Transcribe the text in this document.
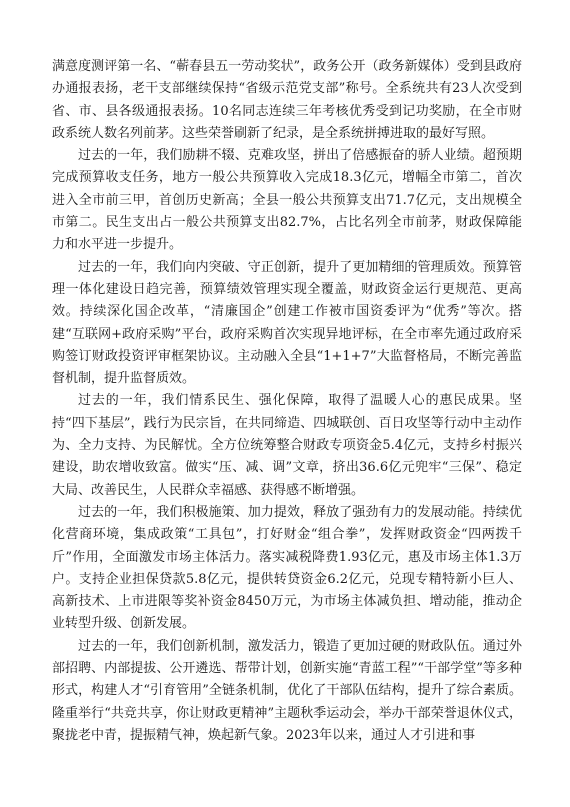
满意度测评第一名、“蕲春县五一劳动奖状”，政务公开（政务新媒体）受到县政府办通报表扬，老干支部继续保持“省级示范党支部”称号。全系统共有23人次受到省、市、县各级通报表扬。10名同志连续三年考核优秀受到记功奖励，在全市财政系统人数名列前茅。这些荣誉刷新了纪录，是全系统拼搏进取的最好写照。

过去的一年，我们励耕不辍、克难攻坚，拼出了倍感振奋的骄人业绩。超预期完成预算收支任务，地方一般公共预算收入完成18.3亿元，增幅全市第二，首次进入全市前三甲，首创历史新高；全县一般公共预算支出71.7亿元，支出规模全市第二。民生支出占一般公共预算支出82.7%，占比名列全市前茅，财政保障能力和水平进一步提升。

过去的一年，我们向内突破、守正创新，提升了更加精细的管理质效。预算管理一体化建设日趋完善，预算绩效管理实现全覆盖，财政资金运行更规范、更高效。持续深化国企改革，“清廉国企”创建工作被市国资委评为“优秀”等次。搭建“互联网+政府采购”平台，政府采购首次实现异地评标，在全市率先通过政府采购签订财政投资评审框架协议。主动融入全县“1+1+7”大监督格局，不断完善监督机制，提升监督质效。

过去的一年，我们情系民生、强化保障，取得了温暖人心的惠民成果。坚持“四下基层”，践行为民宗旨，在共同缔造、四城联创、百日攻坚等行动中主动作为、全力支持、为民解忧。全方位统筹整合财政专项资金5.4亿元，支持乡村振兴建设，助农增收致富。做实“压、减、调”文章，挤出36.6亿元兜牢“三保”、稳定大局、改善民生，人民群众幸福感、获得感不断增强。

过去的一年，我们积极施策、加力提效，释放了强劲有力的发展动能。持续优化营商环境，集成政策“工具包”，打好财金“组合拳”，发挥财政资金“四两拨千斤”作用，全面激发市场主体活力。落实减税降费1.93亿元，惠及市场主体1.3万户。支持企业担保贷款5.8亿元，提供转贷资金6.2亿元，兑现专精特新小巨人、高新技术、上市进限等奖补资金8450万元，为市场主体减负担、增动能，推动企业转型升级、创新发展。

过去的一年，我们创新机制，激发活力，锻造了更加过硬的财政队伍。通过外部招聘、内部提拔、公开遴选、帮带计划，创新实施“青蓝工程”“干部学堂”等多种形式，构建人才“引育管用”全链条机制，优化了干部队伍结构，提升了综合素质。隆重举行“共竞共享，你让财政更精神”主题秋季运动会，举办干部荣誉退休仪式，聚拢老中青，提振精气神，焕起新气象。2023年以来，通过人才引进和事
